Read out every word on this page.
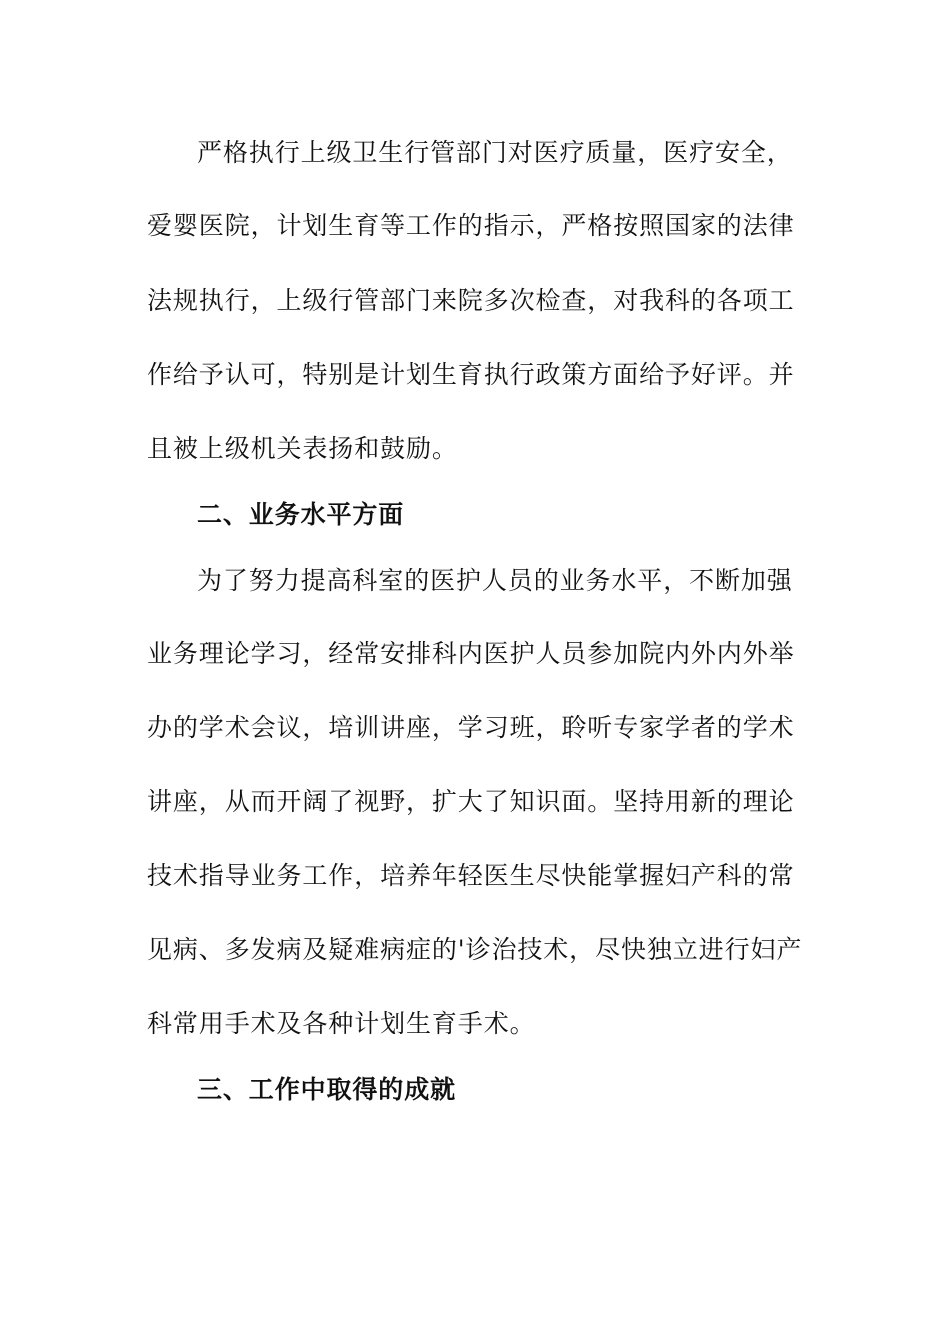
严格执行上级卫生行管部门对医疗质量，医疗安全，
爱婴医院，计划生育等工作的指示，严格按照国家的法律
法规执行，上级行管部门来院多次检查，对我科的各项工
作给予认可，特别是计划生育执行政策方面给予好评。并
且被上级机关表扬和鼓励。
二、业务水平方面
为了努力提高科室的医护人员的业务水平，不断加强
业务理论学习，经常安排科内医护人员参加院内外内外举
办的学术会议，培训讲座，学习班，聆听专家学者的学术
讲座，从而开阔了视野，扩大了知识面。坚持用新的理论
技术指导业务工作，培养年轻医生尽快能掌握妇产科的常
见病、多发病及疑难病症的'诊治技术，尽快独立进行妇产
科常用手术及各种计划生育手术。
三、工作中取得的成就
